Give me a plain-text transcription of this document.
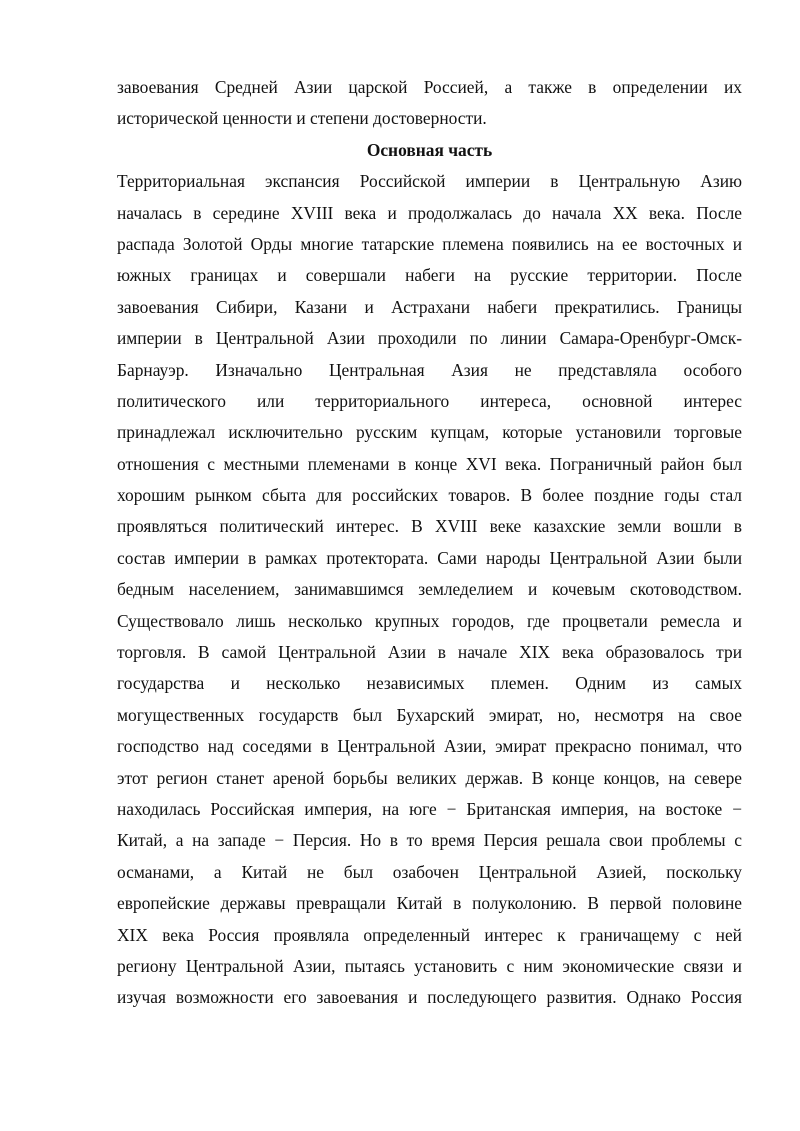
завоевания Средней Азии царской Россией, а также в определении их
исторической ценности и степени достоверности.
Основная часть
Территориальная экспансия Российской империи в Центральную Азию
началась в середине XVIII века и продолжалась до начала XX века. После
распада Золотой Орды многие татарские племена появились на ее восточных и
южных границах и совершали набеги на русские территории. После
завоевания Сибири, Казани и Астрахани набеги прекратились. Границы
империи в Центральной Азии проходили по линии Самара-Оренбург-Омск-
Барнауэр. Изначально Центральная Азия не представляла особого
политического или территориального интереса, основной интерес
принадлежал исключительно русским купцам, которые установили торговые
отношения с местными племенами в конце XVI века. Пограничный район был
хорошим рынком сбыта для российских товаров. В более поздние годы стал
проявляться политический интерес. В XVIII веке казахские земли вошли в
состав империи в рамках протектората. Сами народы Центральной Азии были
бедным населением, занимавшимся земледелием и кочевым скотоводством.
Существовало лишь несколько крупных городов, где процветали ремесла и
торговля. В самой Центральной Азии в начале XIX века образовалось три
государства и несколько независимых племен. Одним из самых
могущественных государств был Бухарский эмират, но, несмотря на свое
господство над соседями в Центральной Азии, эмират прекрасно понимал, что
этот регион станет ареной борьбы великих держав. В конце концов, на севере
находилась Российская империя, на юге − Британская империя, на востоке −
Китай, а на западе − Персия. Но в то время Персия решала свои проблемы с
османами, а Китай не был озабочен Центральной Азией, поскольку
европейские державы превращали Китай в полуколонию. В первой половине
XIX века Россия проявляла определенный интерес к граничащему с ней
региону Центральной Азии, пытаясь установить с ним экономические связи и
изучая возможности его завоевания и последующего развития. Однако Россия
